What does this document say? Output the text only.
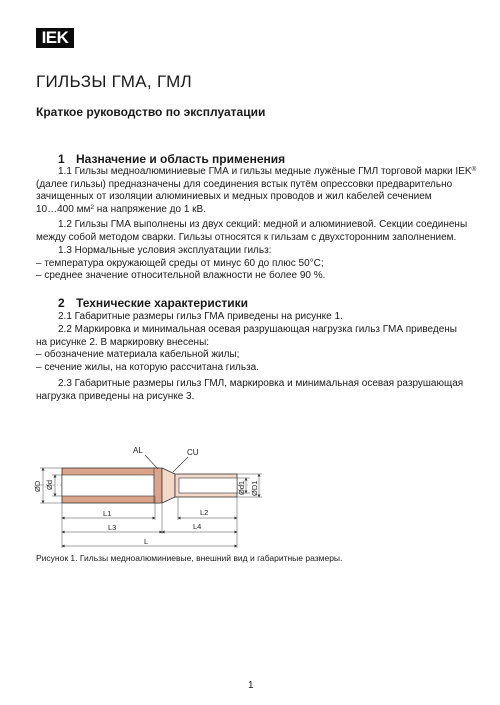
IEK
ГИЛЬЗЫ ГМА, ГМЛ
Краткое руководство по эксплуатации
1 Назначение и область применения
1.1 Гильзы медноалюминиевые ГМА и гильзы медные лужёные ГМЛ торговой марки IEK®
(далее гильзы) предназначены для соединения встык путём опрессовки предварительно
зачищенных от изоляции алюминиевых и медных проводов и жил кабелей сечением
10…400 $мм^2$ на напряжение до 1 кВ.
1.2 Гильзы ГМА выполнены из двух секций: медной и алюминиевой. Секции соединены
между собой методом сварки. Гильзы относятся к гильзам с двухсторонним заполнением.
1.3 Нормальные условия эксплуатации гильз:
– температура окружающей среды от минус 60 до плюс 50°С;
– среднее значение относительной влажности не более 90 %.
2 Технические характеристики
2.1 Габаритные размеры гильз ГМА приведены на рисунке 1.
2.2 Маркировка и минимальная осевая разрушающая нагрузка гильз ГМА приведены
на рисунке 2. В маркировку внесены:
– обозначение материала кабельной жилы;
– сечение жилы, на которую рассчитана гильза.
2.3 Габаритные размеры гильз ГМЛ, маркировка и минимальная осевая разрушающая
нагрузка приведены на рисунке 3.
AL	CU
ØD Ød	Ød1 ØD1
L1	L2
L3	L4
L
Рисунок 1. Гильзы медноалюминиевые, внешний вид и габаритные размеры.
1
